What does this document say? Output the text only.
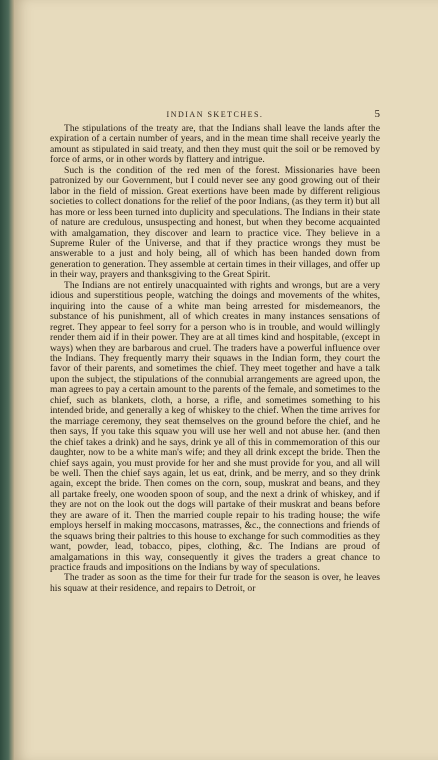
INDIAN SKETCHES.	5

The stipulations of the treaty are, that the Indians shall leave the lands after the expiration of a certain number of years, and in the mean time shall receive yearly the amount as stipulated in said treaty, and then they must quit the soil or be removed by force of arms, or in other words by flattery and intrigue.

Such is the condition of the red men of the forest. Missionaries have been patronized by our Government, but I could never see any good growing out of their labor in the field of mission. Great exertions have been made by different religious societies to collect donations for the relief of the poor Indians, (as they term it) but all has more or less been turned into duplicity and speculations. The Indians in their state of nature are credulous, unsuspecting and honest, but when they become acquainted with amalgamation, they discover and learn to practice vice. They believe in a Supreme Ruler of the Universe, and that if they practice wrongs they must be answerable to a just and holy being, all of which has been handed down from generation to generation. They assemble at certain times in their villages, and offer up in their way, prayers and thanksgiving to the Great Spirit.

The Indians are not entirely unacquainted with rights and wrongs, but are a very idious and superstitious people, watching the doings and movements of the whites, inquiring into the cause of a white man being arrested for misdemeanors, the substance of his punishment, all of which creates in many instances sensations of regret. They appear to feel sorry for a person who is in trouble, and would willingly render them aid if in their power. They are at all times kind and hospitable, (except in ways) when they are barbarous and cruel. The traders have a powerful influence over the Indians. They frequently marry their squaws in the Indian form, they court the favor of their parents, and sometimes the chief. They meet together and have a talk upon the subject, the stipulations of the connubial arrangements are agreed upon, the man agrees to pay a certain amount to the parents of the female, and sometimes to the chief, such as blankets, cloth, a horse, a rifle, and sometimes something to his intended bride, and generally a keg of whiskey to the chief. When the time arrives for the marriage ceremony, they seat themselves on the ground before the chief, and he then says, If you take this squaw you will use her well and not abuse her. (and then the chief takes a drink) and he says, drink ye all of this in commemoration of this our daughter, now to be a white man's wife; and they all drink except the bride. Then the chief says again, you must provide for her and she must provide for you, and all will be well. Then the chief says again, let us eat, drink, and be merry, and so they drink again, except the bride. Then comes on the corn, soup, muskrat and beans, and they all partake freely, one wooden spoon of soup, and the next a drink of whiskey, and if they are not on the look out the dogs will partake of their muskrat and beans before they are aware of it. Then the married couple repair to his trading house; the wife employs herself in making moccasons, matrasses, &c., the connections and friends of the squaws bring their paltries to this house to exchange for such commodities as they want, powder, lead, tobacco, pipes, clothing, &c. The Indians are proud of amalgamations in this way, consequently it gives the traders a great chance to practice frauds and impositions on the Indians by way of speculations.

The trader as soon as the time for their fur trade for the season is over, he leaves his squaw at their residence, and repairs to Detroit, or
